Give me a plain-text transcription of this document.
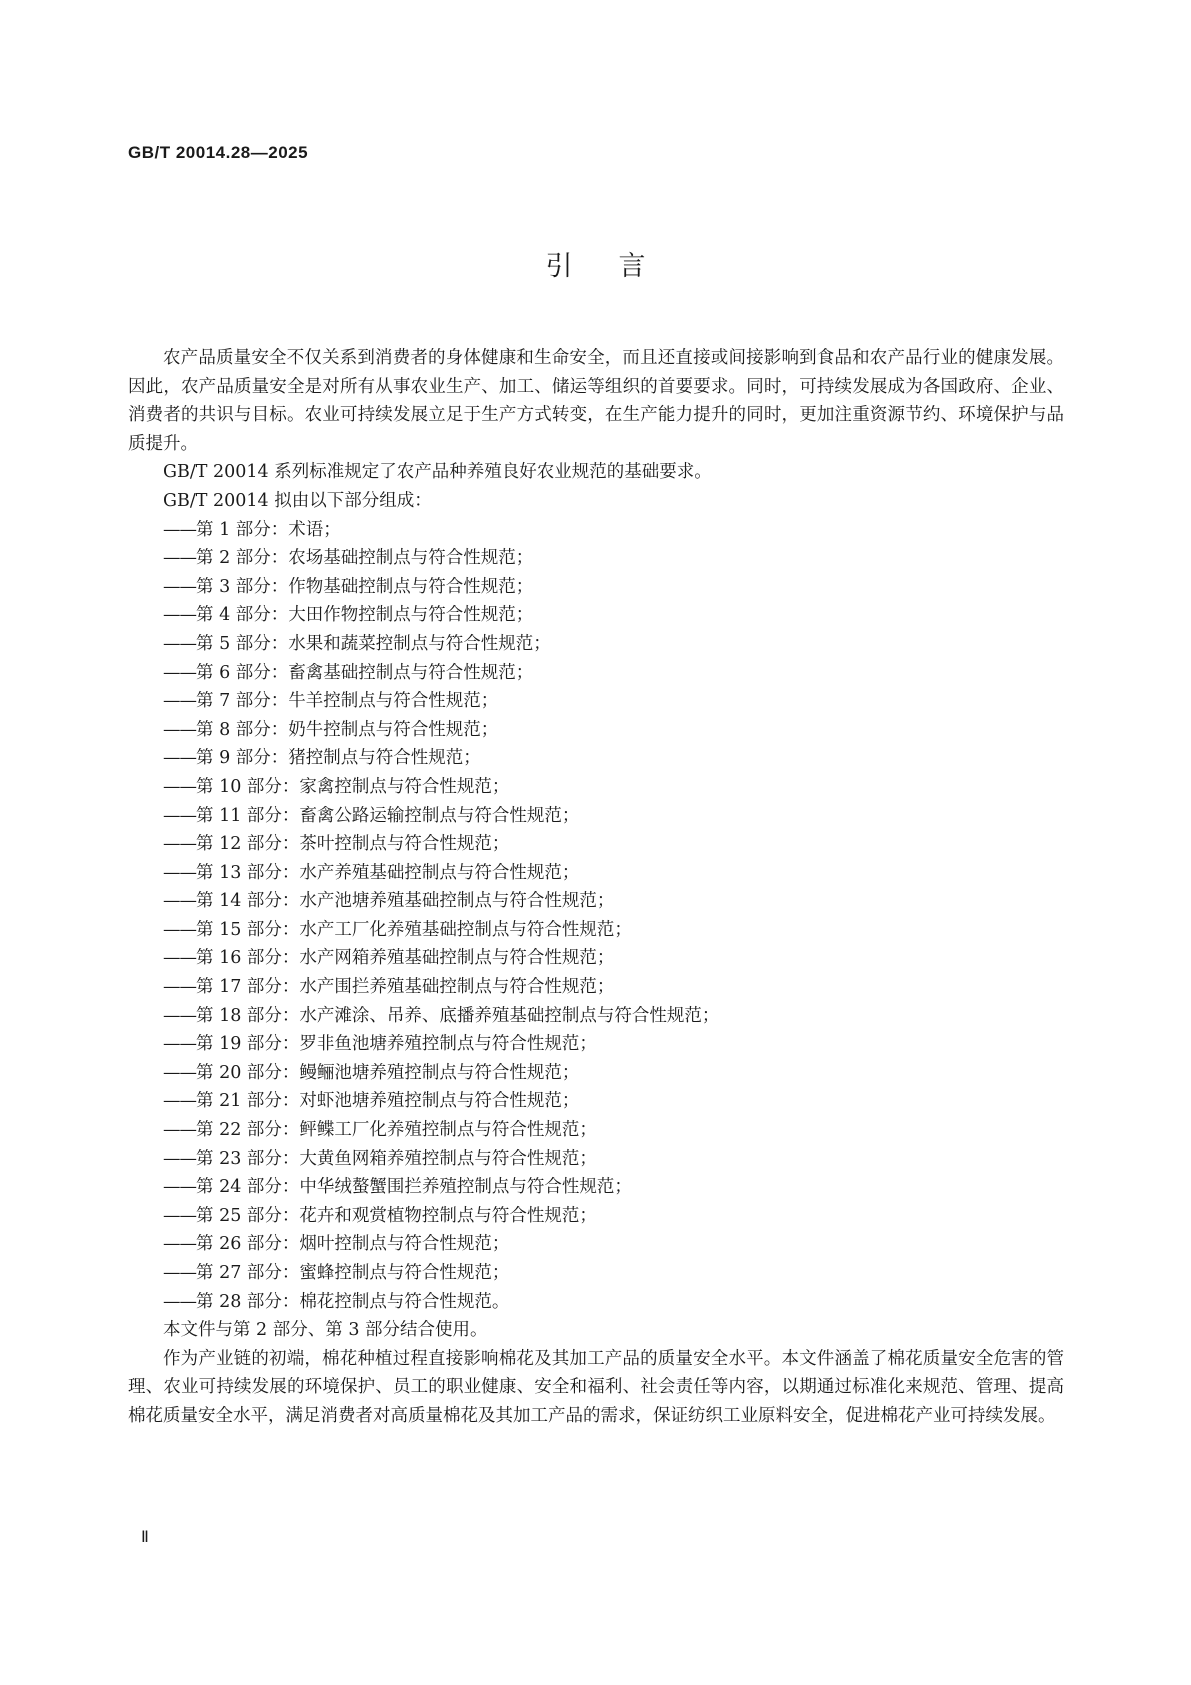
GB/T 20014.28—2025
引言

农产品质量安全不仅关系到消费者的身体健康和生命安全，而且还直接或间接影响到食品和农产品行业的健康发展。因此，农产品质量安全是对所有从事农业生产、加工、储运等组织的首要要求。同时，可持续发展成为各国政府、企业、消费者的共识与目标。农业可持续发展立足于生产方式转变，在生产能力提升的同时，更加注重资源节约、环境保护与品质提升。

GB/T 20014 系列标准规定了农产品种养殖良好农业规范的基础要求。

GB/T 20014 拟由以下部分组成：

——第 1 部分：术语；
——第 2 部分：农场基础控制点与符合性规范；
——第 3 部分：作物基础控制点与符合性规范；
——第 4 部分：大田作物控制点与符合性规范；
——第 5 部分：水果和蔬菜控制点与符合性规范；
——第 6 部分：畜禽基础控制点与符合性规范；
——第 7 部分：牛羊控制点与符合性规范；
——第 8 部分：奶牛控制点与符合性规范；
——第 9 部分：猪控制点与符合性规范；
——第 10 部分：家禽控制点与符合性规范；
——第 11 部分：畜禽公路运输控制点与符合性规范；
——第 12 部分：茶叶控制点与符合性规范；
——第 13 部分：水产养殖基础控制点与符合性规范；
——第 14 部分：水产池塘养殖基础控制点与符合性规范；
——第 15 部分：水产工厂化养殖基础控制点与符合性规范；
——第 16 部分：水产网箱养殖基础控制点与符合性规范；
——第 17 部分：水产围拦养殖基础控制点与符合性规范；
——第 18 部分：水产滩涂、吊养、底播养殖基础控制点与符合性规范；
——第 19 部分：罗非鱼池塘养殖控制点与符合性规范；
——第 20 部分：鳗鲡池塘养殖控制点与符合性规范；
——第 21 部分：对虾池塘养殖控制点与符合性规范；
——第 22 部分：鲆鲽工厂化养殖控制点与符合性规范；
——第 23 部分：大黄鱼网箱养殖控制点与符合性规范；
——第 24 部分：中华绒螯蟹围拦养殖控制点与符合性规范；
——第 25 部分：花卉和观赏植物控制点与符合性规范；
——第 26 部分：烟叶控制点与符合性规范；
——第 27 部分：蜜蜂控制点与符合性规范；
——第 28 部分：棉花控制点与符合性规范。

本文件与第 2 部分、第 3 部分结合使用。

作为产业链的初端，棉花种植过程直接影响棉花及其加工产品的质量安全水平。本文件涵盖了棉花质量安全危害的管理、农业可持续发展的环境保护、员工的职业健康、安全和福利、社会责任等内容，以期通过标准化来规范、管理、提高棉花质量安全水平，满足消费者对高质量棉花及其加工产品的需求，保证纺织工业原料安全，促进棉花产业可持续发展。

Ⅱ
